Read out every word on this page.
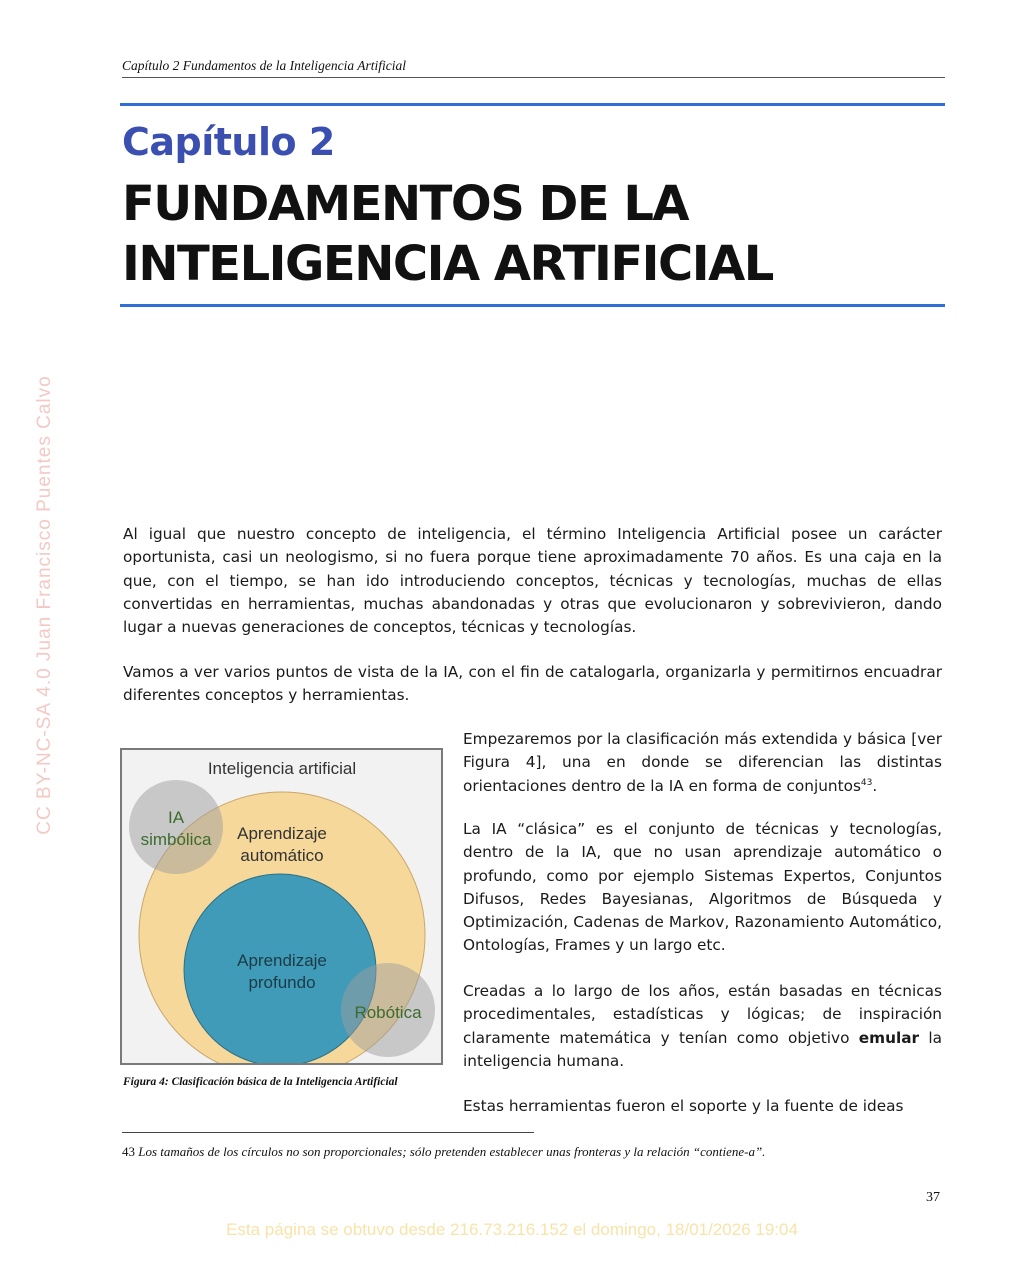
Capítulo 2 Fundamentos de la Inteligencia Artificial
Capítulo 2
FUNDAMENTOS DE LA
INTELIGENCIA ARTIFICIAL
CC BY-NC-SA 4.0 Juan Francisco Puentes Calvo	Al igual que nuestro concepto de inteligencia, el término Inteligencia Artificial posee un carácter oportunista, casi un neologismo, si no fuera porque tiene aproximadamente 70 años. Es una caja en la que, con el tiempo, se han ido introduciendo conceptos, técnicas y tecnologías, muchas de ellas convertidas en herramientas, muchas abandonadas y otras que evolucionaron y sobrevivieron, dando lugar a nuevas generaciones de conceptos, técnicas y tecnologías.

Vamos a ver varios puntos de vista de la IA, con el fin de catalogarla, organizarla y permitirnos encuadrar diferentes conceptos y herramientas.

Empezaremos por la clasificación más extendida y básica [ver Figura 4], una en donde se diferencian las distintas orientaciones dentro de la IA en forma de conjuntos$^{43}$.

La IA “clásica” es el conjunto de técnicas y tecnologías, dentro de la IA, que no usan aprendizaje automático o profundo, como por ejemplo Sistemas Expertos, Conjuntos Difusos, Redes Bayesianas, Algoritmos de Búsqueda y Optimización, Cadenas de Markov, Razonamiento Automático, Ontologías, Frames y un largo etc.

Creadas a lo largo de los años, están basadas en técnicas procedimentales, estadísticas y lógicas; de inspiración claramente matemática y tenían como objetivo emular la inteligencia humana.

Estas herramientas fueron el soporte y la fuente de ideas

Inteligencia artificial
IA
simbólica Aprendizaje
automático
Aprendizaje
profundo
Robótica
Figura 4: Clasificación básica de la Inteligencia Artificial
43 Los tamaños de los círculos no son proporcionales; sólo pretenden establecer unas fronteras y la relación “contiene-a”.
37
Esta página se obtuvo desde 216.73.216.152 el domingo, 18/01/2026 19:04
